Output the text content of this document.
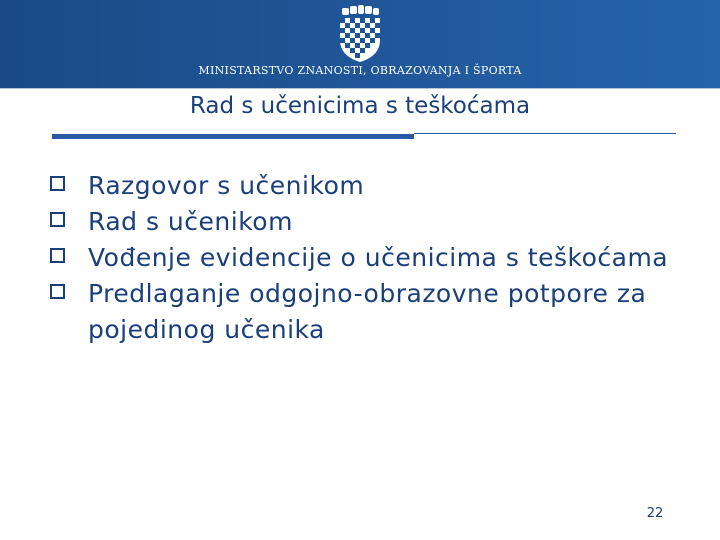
MINISTARSTVO ZNANOSTI, OBRAZOVANJA I ŠPORTA
Rad s učenicima s teškoćama
Razgovor s učenikom
Rad s učenikom
Vođenje evidencije o učenicima s teškoćama
Predlaganje odgojno-obrazovne potpore za pojedinog učenika
22
